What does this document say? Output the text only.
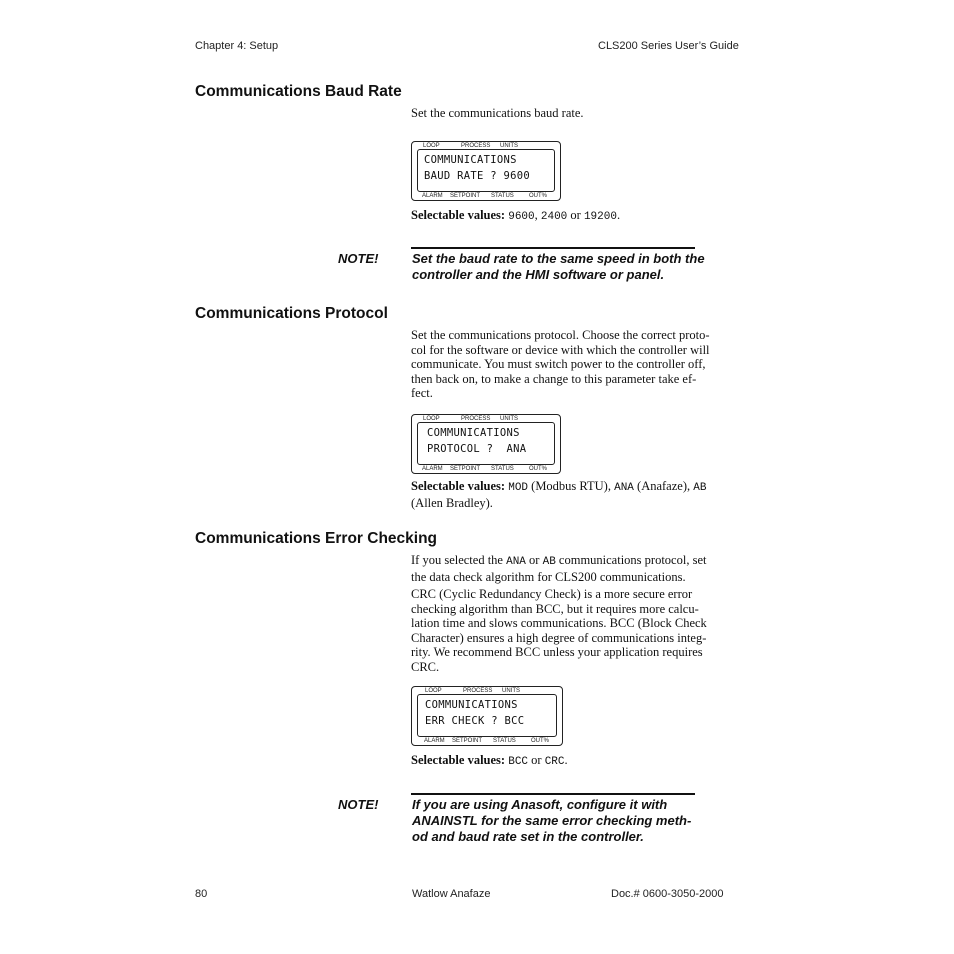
Chapter 4: Setup	CLS200 Series User’s Guide
Communications Baud Rate

Set the communications baud rate.

LOOP	PROCESS UNITS
COMMUNICATIONS
BAUD RATE ? 9600
ALARM SETPOINT STATUS	OUT%

Selectable values: 9600, 2400 or 19200.

NOTE!	Set the baud rate to the same speed in both the controller and the HMI software or panel.

Communications Protocol
Set the communications protocol. Choose the correct proto-
col for the software or device with which the controller will
communicate. You must switch power to the controller off,
then back on, to make a change to this parameter take ef-
fect.
LOOP	PROCESS UNITS
COMMUNICATIONS
PROTOCOL ?  ANA
ALARM SETPOINT STATUS	OUT%
Selectable values: MOD (Modbus RTU), ANA (Anafaze), AB
(Allen Bradley).
Communications Error Checking
If you selected the ANA or AB communications protocol, set
the data check algorithm for CLS200 communications.
CRC (Cyclic Redundancy Check) is a more secure error
checking algorithm than BCC, but it requires more calcu-
lation time and slows communications. BCC (Block Check
Character) ensures a high degree of communications integ-
rity. We recommend BCC unless your application requires
CRC.
LOOP	PROCESS UNITS
COMMUNICATIONS
ERR CHECK ? BCC
ALARM SETPOINT STATUS	OUT%

Selectable values: BCC or CRC.

NOTE!	If you are using Anasoft, configure it with
ANAINSTL for the same error checking meth-
od and baud rate set in the controller.
80	Watlow Anafaze	Doc.# 0600-3050-2000
